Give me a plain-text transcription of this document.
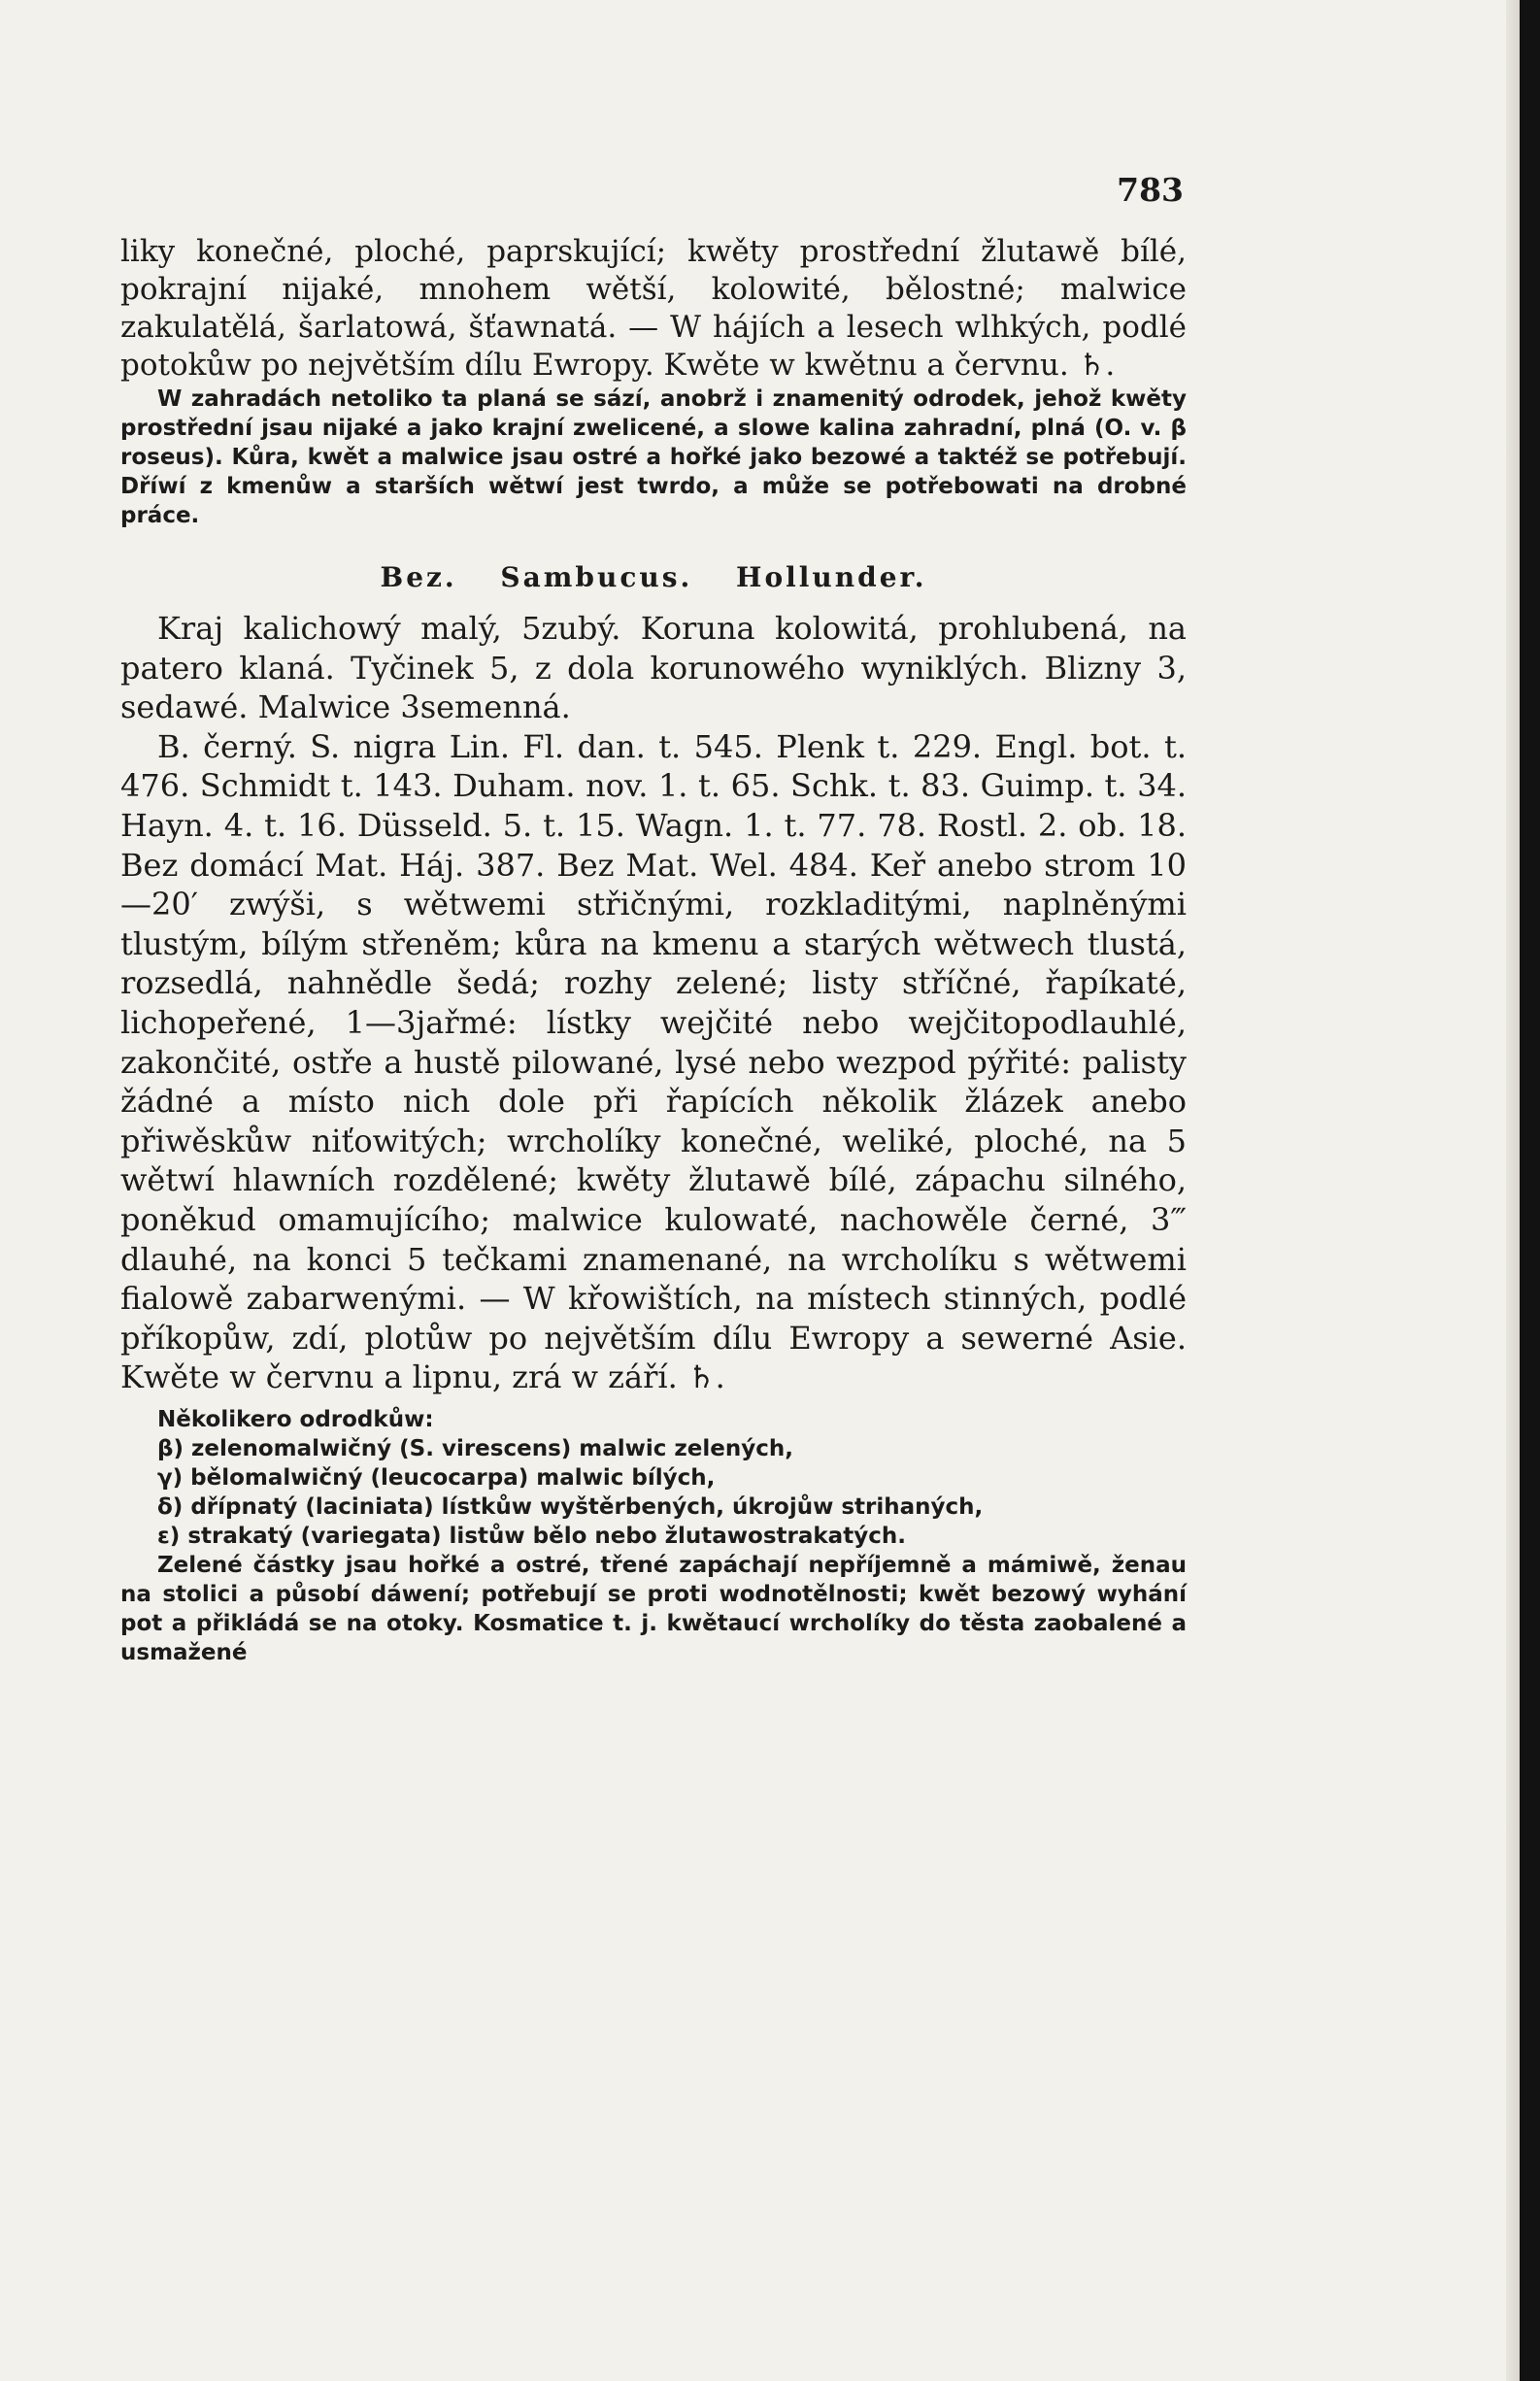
783

liky konečné, ploché, paprskující; kwěty prostřední žlutawě bílé, pokrajní nijaké, mnohem wětší, kolowité, bělostné; malwice zakulatělá, šarlatowá, šťawnatá. — W hájích a lesech wlhkých, podlé potokůw po největším dílu Ewropy. Kwěte w kwětnu a červnu. ♄.

W zahradách netoliko ta planá se sází, anobrž i znamenitý odrodek, jehož kwěty prostřední jsau nijaké a jako krajní zwelicené, a slowe kalina zahradní, plná (O. v. β roseus). Kůra, kwět a malwice jsau ostré a hořké jako bezowé a taktéž se potřebují. Dříwí z kmenůw a starších wětwí jest twrdo, a může se potřebowati na drobné práce.

Bez. Sambucus. Hollunder.

Kraj kalichowý malý, 5zubý. Koruna kolowitá, prohlubená, na patero klaná. Tyčinek 5, z dola korunowého wyniklých. Blizny 3, sedawé. Malwice 3semenná.

B. černý. S. nigra Lin. Fl. dan. t. 545. Plenk t. 229. Engl. bot. t. 476. Schmidt t. 143. Duham. nov. 1. t. 65. Schk. t. 83. Guimp. t. 34. Hayn. 4. t. 16. Düsseld. 5. t. 15. Wagn. 1. t. 77. 78. Rostl. 2. ob. 18. Bez domácí Mat. Háj. 387. Bez Mat. Wel. 484. Keř anebo strom 10—20′ zwýši, s wětwemi střičnými, rozkladitými, naplněnými tlustým, bílým střeněm; kůra na kmenu a starých wětwech tlustá, rozsedlá, nahnědle šedá; rozhy zelené; listy stříčné, řapíkaté, lichopeřené, 1—3jařmé: lístky wejčité nebo wejčitopodlauhlé, zakončité, ostře a hustě pilowané, lysé nebo wezpod pýřité: palisty žádné a místo nich dole při řapících několik žlázek anebo přiwěskůw niťowitých; wrcholíky konečné, weliké, ploché, na 5 wětwí hlawních rozdělené; kwěty žlutawě bílé, zápachu silného, poněkud omamujícího; malwice kulowaté, nachowěle černé, 3‴ dlauhé, na konci 5 tečkami znamenané, na wrcholíku s wětwemi fialowě zabarwenými. — W křowištích, na místech stinných, podlé příkopůw, zdí, plotůw po největším dílu Ewropy a sewerné Asie. Kwěte w červnu a lipnu, zrá w září. ♄.

Několikero odrodkůw:

β) zelenomalwičný (S. virescens) malwic zelených,

γ) bělomalwičný (leucocarpa) malwic bílých,

δ) dřípnatý (laciniata) lístkůw wyštěrbených, úkrojůw strihaných,

ε) strakatý (variegata) listůw bělo nebo žlutawostrakatých.

Zelené částky jsau hořké a ostré, třené zapáchají nepříjemně a mámiwě, ženau na stolici a působí dáwení; potřebují se proti wodnotělnosti; kwět bezowý wyhání pot a přikládá se na otoky. Kosmatice t. j. kwětaucí wrcholíky do těsta zaobalené a usmažené
